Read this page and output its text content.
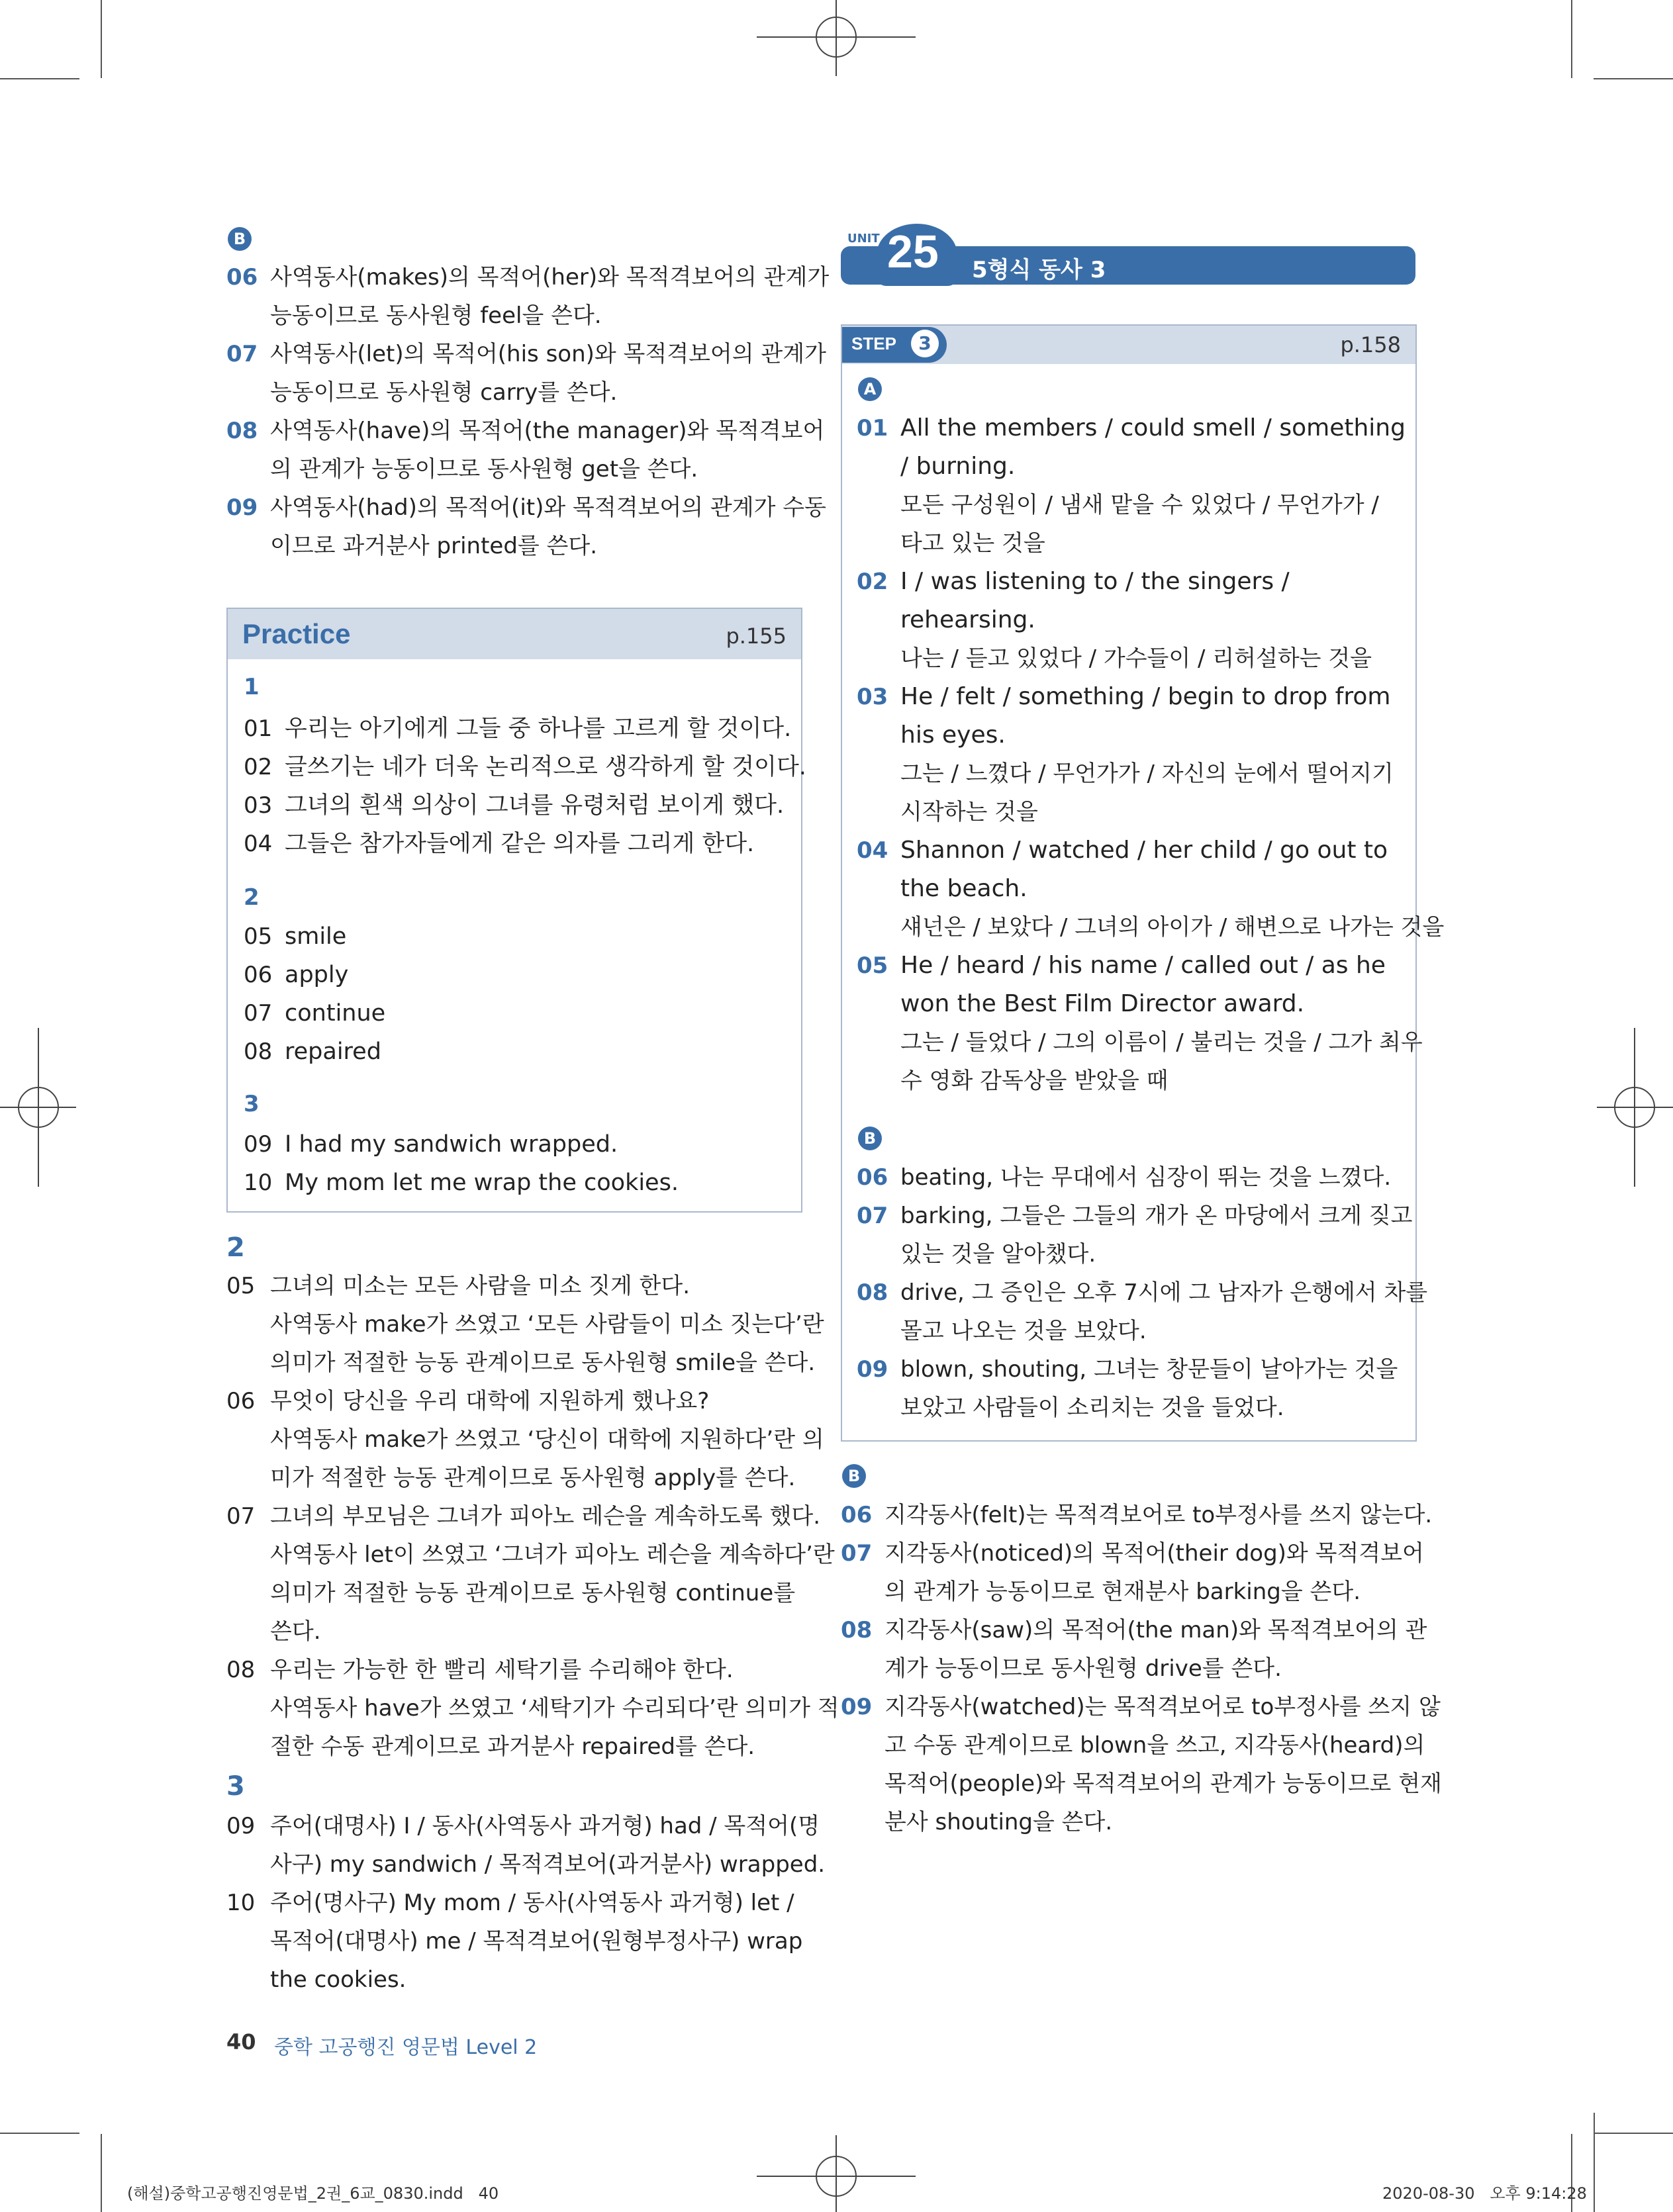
B
06 사역동사(makes)의 목적어(her)와 목적격보어의 관계가
능동이므로 동사원형 feel을 쓴다.
07 사역동사(let)의 목적어(his son)와 목적격보어의 관계가
능동이므로 동사원형 carry를 쓴다.
08 사역동사(have)의 목적어(the manager)와 목적격보어
의 관계가 능동이므로 동사원형 get을 쓴다.
09 사역동사(had)의 목적어(it)와 목적격보어의 관계가 수동
이므로 과거분사 printed를 쓴다.
Practice	p.155
1
01 우리는 아기에게 그들 중 하나를 고르게 할 것이다.
02 글쓰기는 네가 더욱 논리적으로 생각하게 할 것이다.
03 그녀의 흰색 의상이 그녀를 유령처럼 보이게 했다.
04 그들은 참가자들에게 같은 의자를 그리게 한다.
2
05 smile
06 apply
07 continue
08 repaired
3
09 I had my sandwich wrapped.
10 My mom let me wrap the cookies.
2
05 그녀의 미소는 모든 사람을 미소 짓게 한다.
사역동사 make가 쓰였고 ‘모든 사람들이 미소 짓는다’란
의미가 적절한 능동 관계이므로 동사원형 smile을 쓴다.
06 무엇이 당신을 우리 대학에 지원하게 했나요?
사역동사 make가 쓰였고 ‘당신이 대학에 지원하다’란 의
미가 적절한 능동 관계이므로 동사원형 apply를 쓴다.
07 그녀의 부모님은 그녀가 피아노 레슨을 계속하도록 했다.
사역동사 let이 쓰였고 ‘그녀가 피아노 레슨을 계속하다’란
의미가 적절한 능동 관계이므로 동사원형 continue를
쓴다.
08 우리는 가능한 한 빨리 세탁기를 수리해야 한다.
사역동사 have가 쓰였고 ‘세탁기가 수리되다’란 의미가 적
절한 수동 관계이므로 과거분사 repaired를 쓴다.
3
09 주어(대명사) I / 동사(사역동사 과거형) had / 목적어(명
사구) my sandwich / 목적격보어(과거분사) wrapped.
10 주어(명사구) My mom / 동사(사역동사 과거형) let /
목적어(대명사) me / 목적격보어(원형부정사구) wrap
the cookies.
40 중학 고공행진 영문법 Level 2
UNIT 25 5형식 동사 3
STEP	3	p.158
A
01 All the members / could smell / something
/ burning.
모든 구성원이 / 냄새 맡을 수 있었다 / 무언가가 /
타고 있는 것을
02 I / was listening to / the singers /
rehearsing.
나는 / 듣고 있었다 / 가수들이 / 리허설하는 것을
03 He / felt / something / begin to drop from
his eyes.
그는 / 느꼈다 / 무언가가 / 자신의 눈에서 떨어지기
시작하는 것을
04 Shannon / watched / her child / go out to
the beach.
섀넌은 / 보았다 / 그녀의 아이가 / 해변으로 나가는 것을
05 He / heard / his name / called out / as he
won the Best Film Director award.
그는 / 들었다 / 그의 이름이 / 불리는 것을 / 그가 최우
수 영화 감독상을 받았을 때
B
06 beating, 나는 무대에서 심장이 뛰는 것을 느꼈다.
07 barking, 그들은 그들의 개가 온 마당에서 크게 짖고
있는 것을 알아챘다.
08 drive, 그 증인은 오후 7시에 그 남자가 은행에서 차를
몰고 나오는 것을 보았다.
09 blown, shouting, 그녀는 창문들이 날아가는 것을
보았고 사람들이 소리치는 것을 들었다.
B
06 지각동사(felt)는 목적격보어로 to부정사를 쓰지 않는다.
07 지각동사(noticed)의 목적어(their dog)와 목적격보어
의 관계가 능동이므로 현재분사 barking을 쓴다.
08 지각동사(saw)의 목적어(the man)와 목적격보어의 관
계가 능동이므로 동사원형 drive를 쓴다.
09 지각동사(watched)는 목적격보어로 to부정사를 쓰지 않
고 수동 관계이므로 blown을 쓰고, 지각동사(heard)의
목적어(people)와 목적격보어의 관계가 능동이므로 현재
분사 shouting을 쓴다.
(해설)중학고공행진영문법_2권_6교_0830.indd   40	2020-08-30   오후 9:14:28
